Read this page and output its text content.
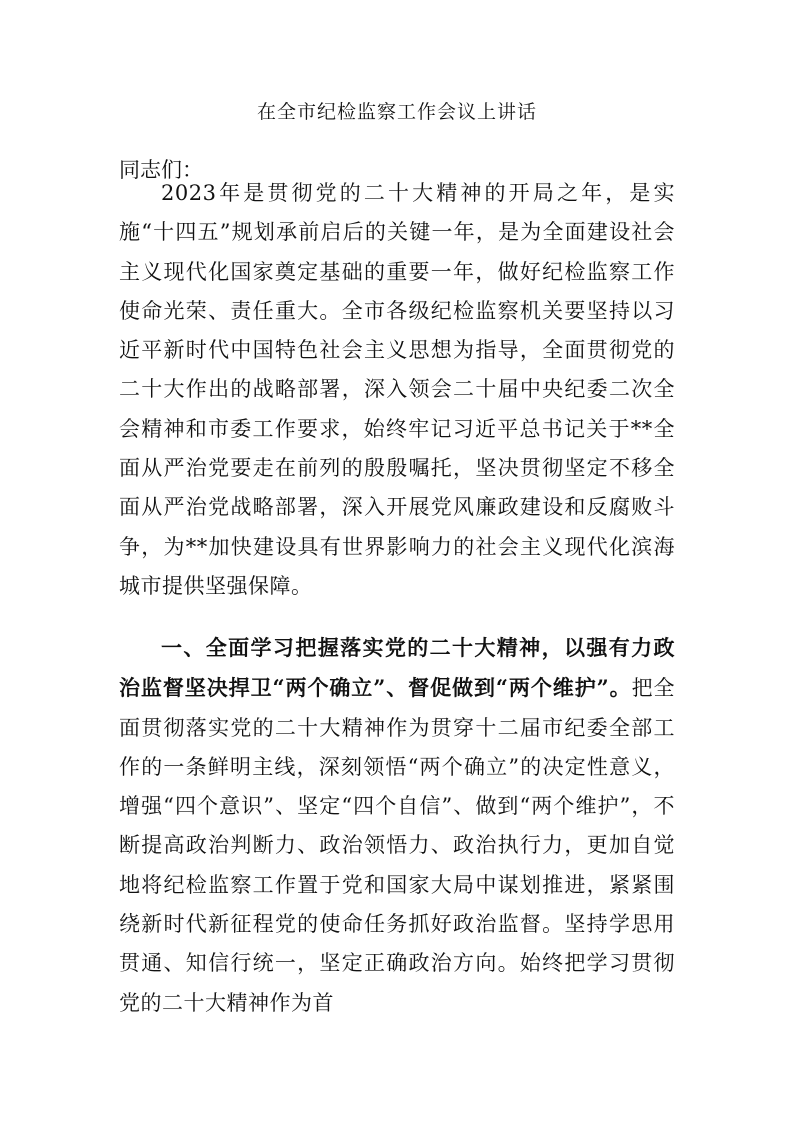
在全市纪检监察工作会议上讲话

同志们：

2023年是贯彻党的二十大精神的开局之年，是实施“十四五”规划承前启后的关键一年，是为全面建设社会主义现代化国家奠定基础的重要一年，做好纪检监察工作使命光荣、责任重大。全市各级纪检监察机关要坚持以习近平新时代中国特色社会主义思想为指导，全面贯彻党的二十大作出的战略部署，深入领会二十届中央纪委二次全会精神和市委工作要求，始终牢记习近平总书记关于**全面从严治党要走在前列的殷殷嘱托，坚决贯彻坚定不移全面从严治党战略部署，深入开展党风廉政建设和反腐败斗争，为**加快建设具有世界影响力的社会主义现代化滨海城市提供坚强保障。

一、全面学习把握落实党的二十大精神，以强有力政治监督坚决捍卫“两个确立”、督促做到“两个维护”。把全面贯彻落实党的二十大精神作为贯穿十二届市纪委全部工作的一条鲜明主线，深刻领悟“两个确立”的决定性意义，增强“四个意识”、坚定“四个自信”、做到“两个维护”，不断提高政治判断力、政治领悟力、政治执行力，更加自觉地将纪检监察工作置于党和国家大局中谋划推进，紧紧围绕新时代新征程党的使命任务抓好政治监督。坚持学思用贯通、知信行统一，坚定正确政治方向。始终把学习贯彻党的二十大精神作为首
